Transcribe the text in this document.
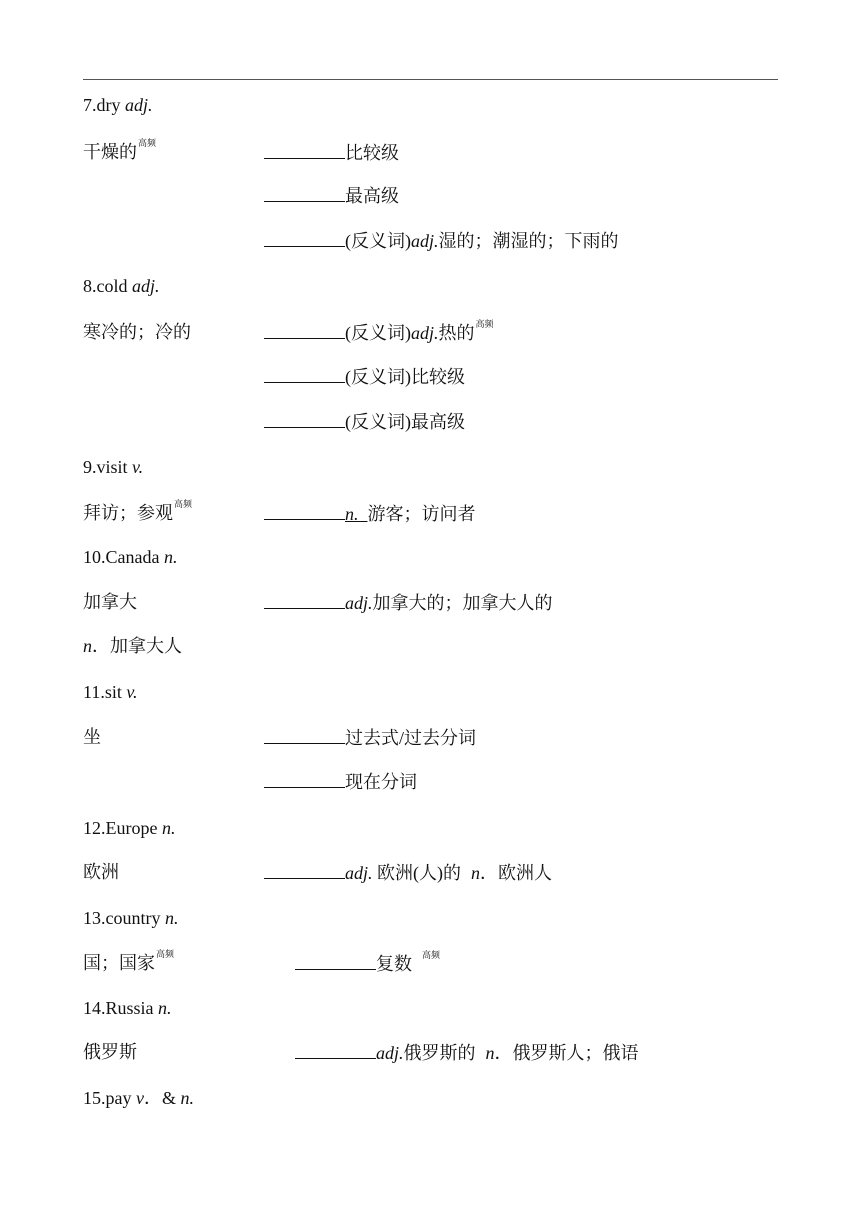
7.dry adj.
干燥的$^{高频}$	比较级
最高级
(反义词)adj.湿的；潮湿的；下雨的
8.cold adj.
寒冷的；冷的	(反义词)adj.热的$^{高频}$
(反义词)比较级
(反义词)最高级
9.visit v.
拜访；参观$^{高频}$	n. 游客；访问者
10.Canada n.
加拿大	adj.加拿大的；加拿大人的
n．加拿大人
11.sit v.
坐	过去式/过去分词
现在分词
12.Europe n.
欧洲	adj. 欧洲(人)的 n．欧洲人
13.country n.
国；国家$^{高频}$	复数 $^{高频}$
14.Russia n.
俄罗斯	adj.俄罗斯的 n．俄罗斯人；俄语
15.pay v．& n.
